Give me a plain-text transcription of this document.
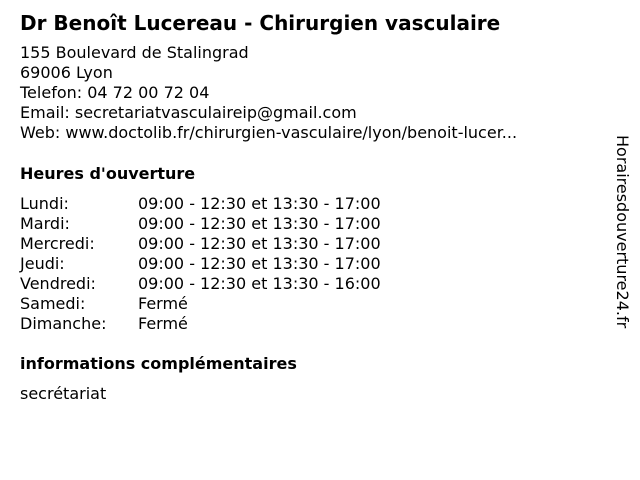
Dr Benoît Lucereau - Chirurgien vasculaire
155 Boulevard de Stalingrad
69006 Lyon
Telefon: 04 72 00 72 04
Email: secretariatvasculaireip@gmail.com
Web: www.doctolib.fr/chirurgien-vasculaire/lyon/benoit-lucer...
Heures d'ouverture
Lundi:	09:00 - 12:30 et 13:30 - 17:00
Mardi:	09:00 - 12:30 et 13:30 - 17:00
Mercredi:	09:00 - 12:30 et 13:30 - 17:00
Jeudi:	09:00 - 12:30 et 13:30 - 17:00
Vendredi:	09:00 - 12:30 et 13:30 - 16:00
Samedi:	Fermé
Dimanche: Fermé
informations complémentaires
secrétariat
Horairesdouverture24.fr
